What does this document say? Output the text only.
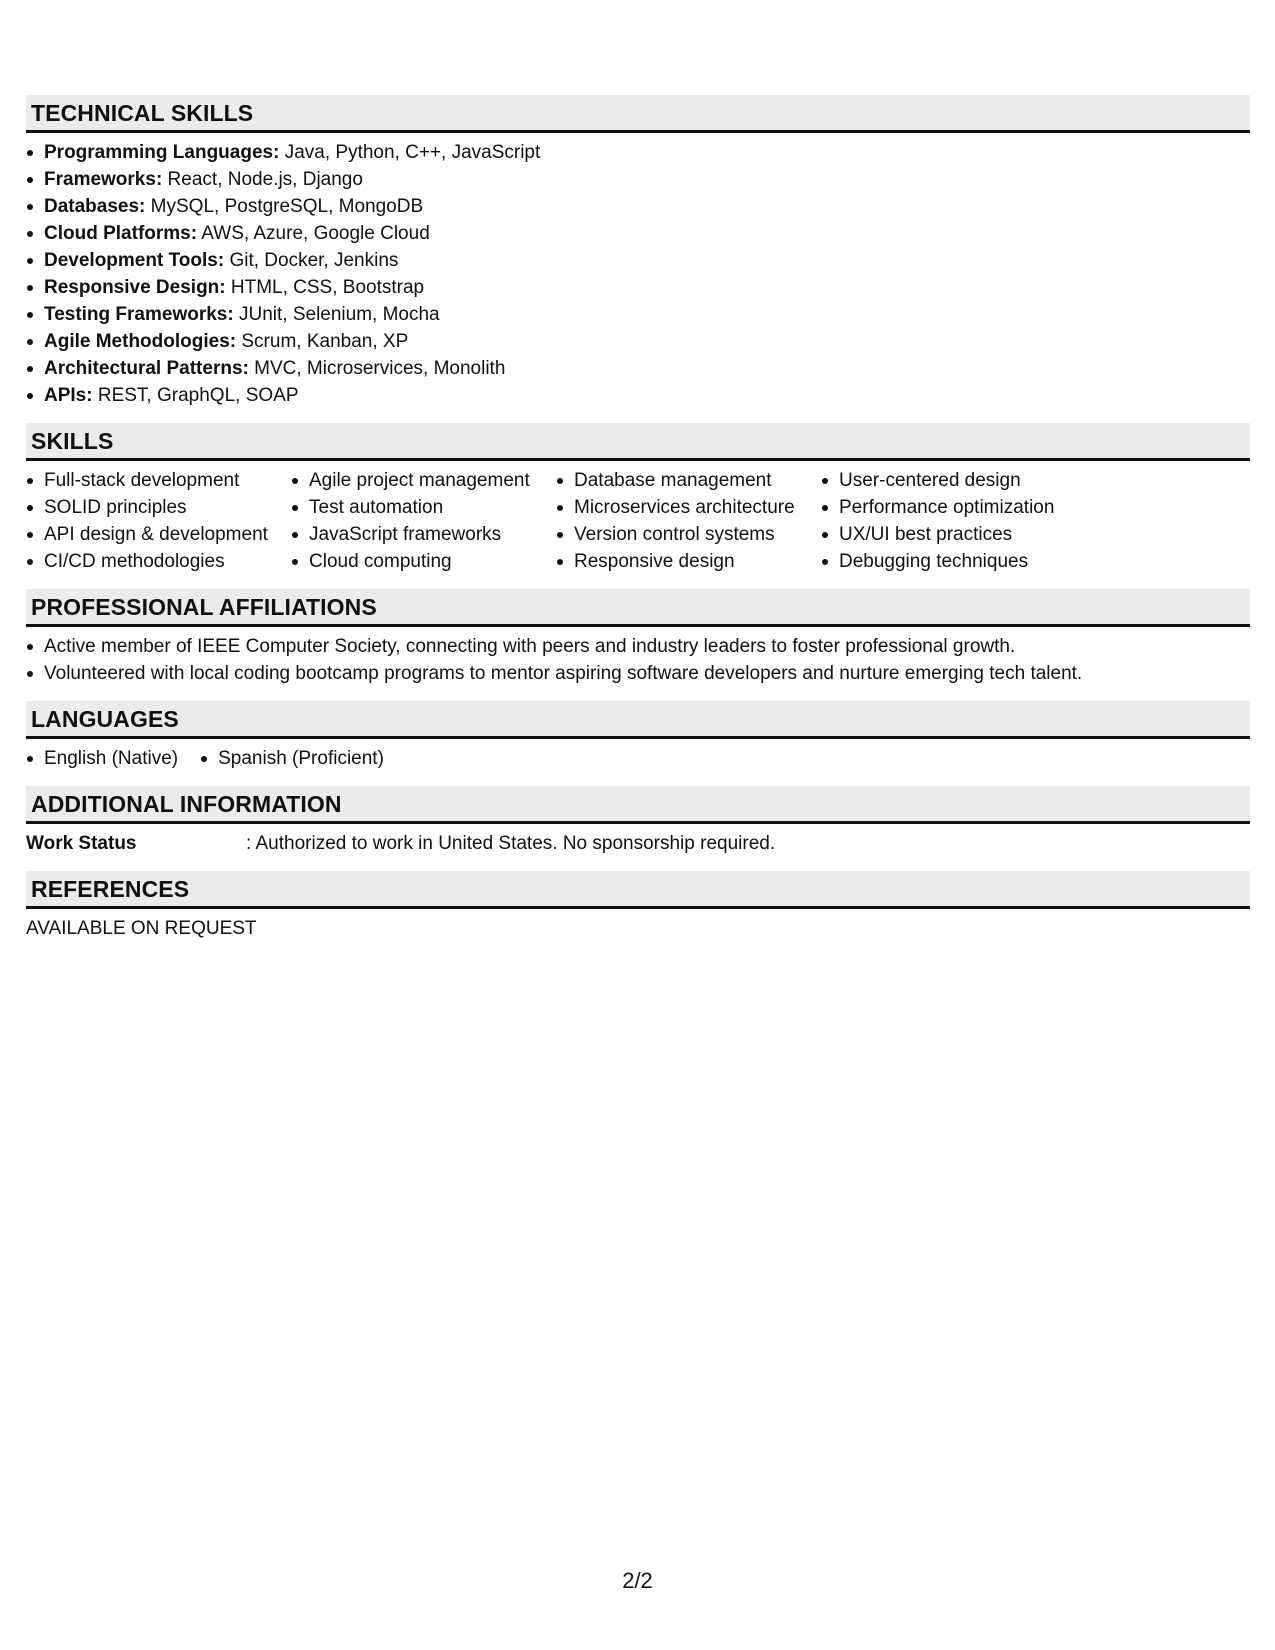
TECHNICAL SKILLS
Programming Languages: Java, Python, C++, JavaScript
Frameworks: React, Node.js, Django
Databases: MySQL, PostgreSQL, MongoDB
Cloud Platforms: AWS, Azure, Google Cloud
Development Tools: Git, Docker, Jenkins
Responsive Design: HTML, CSS, Bootstrap
Testing Frameworks: JUnit, Selenium, Mocha
Agile Methodologies: Scrum, Kanban, XP
Architectural Patterns: MVC, Microservices, Monolith
APIs: REST, GraphQL, SOAP
SKILLS
Full-stack development
SOLID principles
API design & development
CI/CD methodologies
Agile project management
Test automation
JavaScript frameworks
Cloud computing
Database management
Microservices architecture
Version control systems
Responsive design
User-centered design
Performance optimization
UX/UI best practices
Debugging techniques
PROFESSIONAL AFFILIATIONS
Active member of IEEE Computer Society, connecting with peers and industry leaders to foster professional growth.
Volunteered with local coding bootcamp programs to mentor aspiring software developers and nurture emerging tech talent.
LANGUAGES
English (Native)	Spanish (Proficient)
ADDITIONAL INFORMATION
Work Status	: Authorized to work in United States. No sponsorship required.
REFERENCES
AVAILABLE ON REQUEST
2/2
